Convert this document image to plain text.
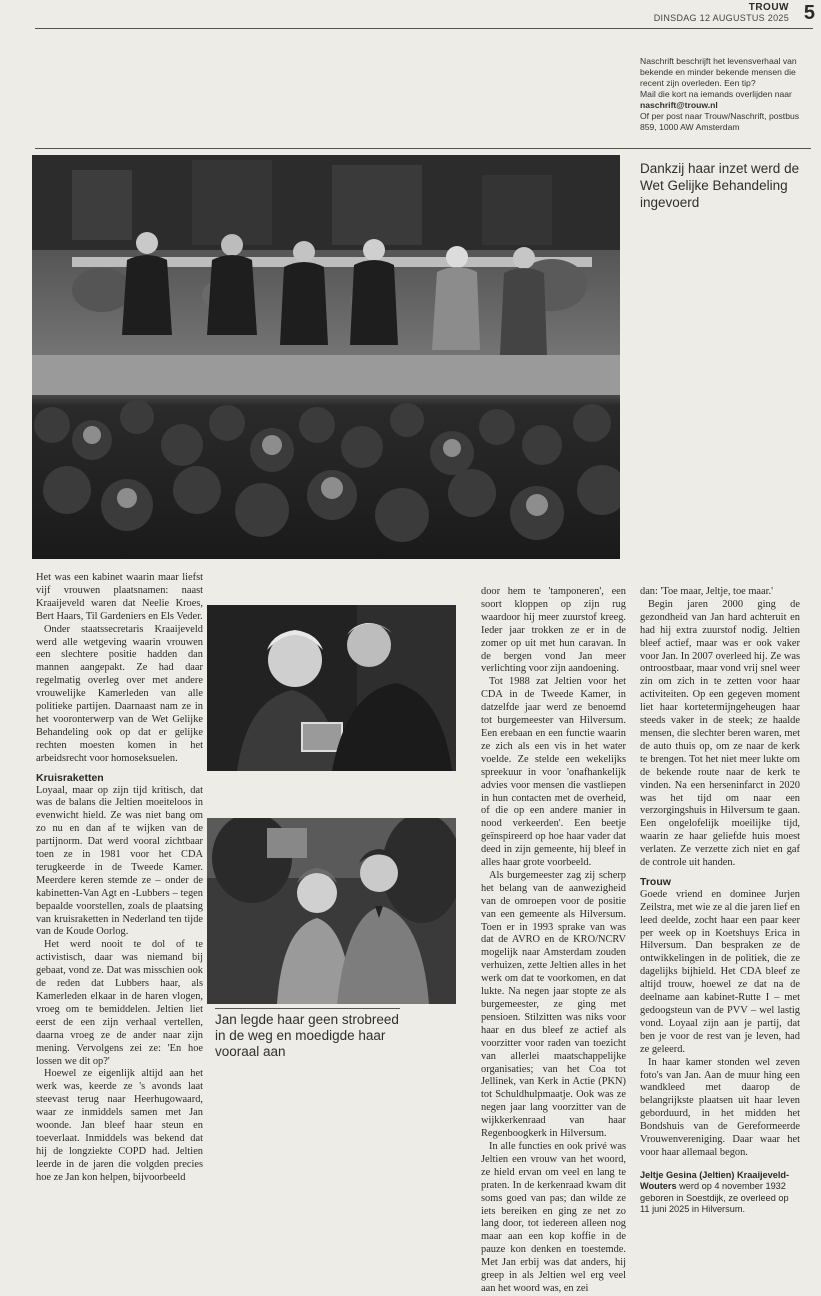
TROUW
DINSDAG 12 AUGUSTUS 2025 5

Naschrift beschrijft het levensverhaal van bekende en minder bekende mensen die recent zijn overleden. Een tip?

Mail die kort na iemands overlijden naar naschrift@trouw.nl

Of per post naar Trouw/Naschrift, postbus 859, 1000 AW Amsterdam

Dankzij haar inzet werd de Wet Gelijke Behandeling ingevoerd

Het was een kabinet waarin maar liefst vijf vrouwen plaatsnamen: naast Kraaijeveld waren dat Neelie Kroes, Bert Haars, Til Gardeniers en Els Veder.

Onder staatssecretaris Kraaijeveld werd alle wetgeving waarin vrouwen een slechtere positie hadden dan mannen aangepakt. Ze had daar regelmatig overleg over met andere vrouwelijke Kamerleden van alle politieke partijen. Daarnaast nam ze in het vooronterwerp van de Wet Gelijke Behandeling ook op dat er gelijke rechten moesten komen in het arbeidsrecht voor homoseksuelen.

Kruisraketten

Loyaal, maar op zijn tijd kritisch, dat was de balans die Jeltien moeiteloos in evenwicht hield. Ze was niet bang om zo nu en dan af te wijken van de partijnorm. Dat werd vooral zichtbaar toen ze in 1981 voor het CDA terugkeerde in de Tweede Kamer. Meerdere keren stemde ze – onder de kabinetten-Van Agt en -Lubbers – tegen bepaalde voorstellen, zoals de plaatsing van kruisraketten in Nederland ten tijde van de Koude Oorlog.

Het werd nooit te dol of te activistisch, daar was niemand bij gebaat, vond ze. Dat was misschien ook de reden dat Lubbers haar, als Kamerleden elkaar in de haren vlogen, vroeg om te bemiddelen. Jeltien liet eerst de een zijn verhaal vertellen, daarna vroeg ze de ander naar zijn mening. Vervolgens zei ze: 'En hoe lossen we dit op?'

Hoewel ze eigenlijk altijd aan het werk was, keerde ze 's avonds laat steevast terug naar Heerhugowaard, waar ze inmiddels samen met Jan woonde. Jan bleef haar steun en toeverlaat. Inmiddels was bekend dat hij de longziekte COPD had. Jeltien leerde in de jaren die volgden precies hoe ze Jan kon helpen, bijvoorbeeld

Jan legde haar geen strobreed in de weg en moedigde haar vooraal aan

door hem te 'tamponeren', een soort kloppen op zijn rug waardoor hij meer zuurstof kreeg. Ieder jaar trokken ze er in de zomer op uit met hun caravan. In de bergen vond Jan meer verlichting voor zijn aandoening.

Tot 1988 zat Jeltien voor het CDA in de Tweede Kamer, in datzelfde jaar werd ze benoemd tot burgemeester van Hilversum. Een erebaan en een functie waarin ze zich als een vis in het water voelde. Ze stelde een wekelijks spreekuur in voor 'onafhankelijk advies voor mensen die vastliepen in hun contacten met de overheid, of die op een andere manier in nood verkeerden'. Een beetje geïnspireerd op hoe haar vader dat deed in zijn gemeente, hij bleef in alles haar grote voorbeeld.

Als burgemeester zag zij scherp het belang van de aanwezigheid van de omroepen voor de positie van een gemeente als Hilversum. Toen er in 1993 sprake van was dat de AVRO en de KRO/NCRV mogelijk naar Amsterdam zouden verhuizen, zette Jeltien alles in het werk om dat te voorkomen, en dat lukte. Na negen jaar stopte ze als burgemeester, ze ging met pensioen. Stilzitten was niks voor haar en dus bleef ze actief als voorzitter voor raden van toezicht van allerlei maatschappelijke organisaties; van het Coa tot Jellinek, van Kerk in Actie (PKN) tot Schuldhulpmaatje. Ook was ze negen jaar lang voorzitter van de wijkkerkenraad van haar Regenboogkerk in Hilversum.

In alle functies en ook privé was Jeltien een vrouw van het woord, ze hield ervan om veel en lang te praten. In de kerkenraad kwam dit soms goed van pas; dan wilde ze iets bereiken en ging ze net zo lang door, tot iedereen alleen nog maar aan een kop koffie in de pauze kon denken en toestemde. Met Jan erbij was dat anders, hij greep in als Jeltien wel erg veel aan het woord was, en zei

dan: 'Toe maar, Jeltje, toe maar.'

Begin jaren 2000 ging de gezondheid van Jan hard achteruit en had hij extra zuurstof nodig. Jeltien bleef actief, maar was er ook vaker voor Jan. In 2007 overleed hij. Ze was ontroostbaar, maar vond vrij snel weer zin om zich in te zetten voor haar activiteiten. Op een gegeven moment liet haar kortetermijngeheugen haar steeds vaker in de steek; ze haalde mensen, die slechter beren waren, met de auto thuis op, om ze naar de kerk te brengen. Tot het niet meer lukte om de bekende route naar de kerk te vinden. Na een herseninfarct in 2020 was het tijd om naar een verzorgingshuis in Hilversum te gaan. Een ongelofelijk moeilijke tijd, waarin ze haar geliefde huis moest verlaten. Ze verzette zich niet en gaf de controle uit handen.

Trouw

Goede vriend en dominee Jurjen Zeilstra, met wie ze al die jaren lief en leed deelde, zocht haar een paar keer per week op in Koetshuys Erica in Hilversum. Dan bespraken ze de ontwikkelingen in de politiek, die ze dagelijks bijhield. Het CDA bleef ze altijd trouw, hoewel ze dat na de deelname aan kabinet-Rutte I – met gedoogsteun van de PVV – wel lastig vond. Loyaal zijn aan je partij, dat ben je voor de rest van je leven, had ze geleerd.

In haar kamer stonden wel zeven foto's van Jan. Aan de muur hing een wandkleed met daarop de belangrijkste plaatsen uit haar leven geborduurd, in het midden het Bondshuis van de Gereformeerde Vrouwenvereniging. Daar waar het voor haar allemaal begon.

Jeltje Gesina (Jeltien) Kraaijeveld-Wouters werd op 4 november 1932 geboren in Soestdijk, ze overleed op 11 juni 2025 in Hilversum.
